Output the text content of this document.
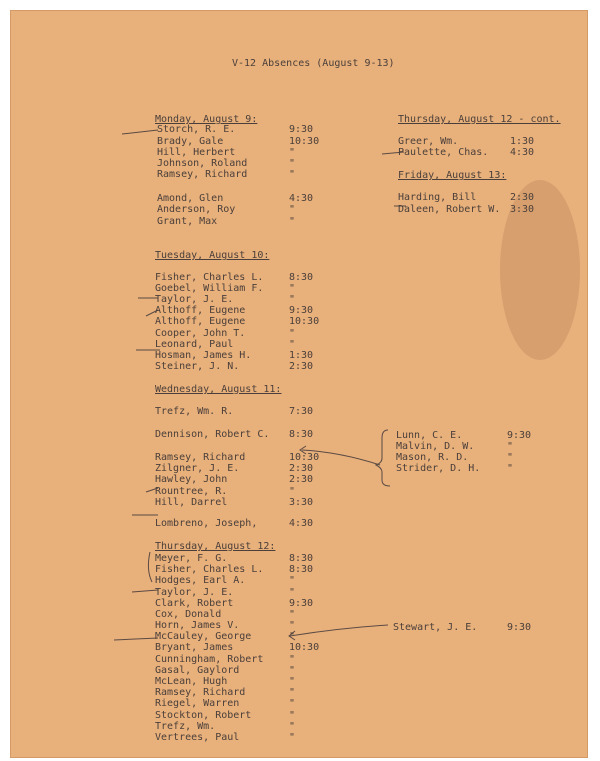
V-12 Absences (August 9-13)
Monday, August 9:
Storch, R. E.	9:30
Brady, Gale	10:30
Hill, Herbert	"
Johnson, Roland	"
Ramsey, Richard	"
Amond, Glen	4:30
Anderson, Roy	"
Grant, Max	"
Tuesday, August 10:
Fisher, Charles L.	8:30
Goebel, William F.	"
Taylor, J. E.	"
Althoff, Eugene	9:30
Althoff, Eugene	10:30
Cooper, John T.	"
Leonard, Paul	"
Hosman, James H.	1:30
Steiner, J. N.	2:30
Wednesday, August 11:
Trefz, Wm. R.	7:30
Dennison, Robert C. 8:30
Ramsey, Richard	10:30
Zilgner, J. E.	2:30
Hawley, John	2:30
Rountree, R.	"
Hill, Darrel	3:30
Lombreno, Joseph,	4:30
Thursday, August 12:
Meyer, F. G.	8:30
Fisher, Charles L.	8:30
Hodges, Earl A.	"
Taylor, J. E.	"
Clark, Robert	9:30
Cox, Donald	"
Horn, James V.	"
McCauley, George	"
Bryant, James	10:30
Cunningham, Robert	"
Gasal, Gaylord	"
McLean, Hugh	"
Ramsey, Richard	"
Riegel, Warren	"
Stockton, Robert	"
Trefz, Wm.	"
Vertrees, Paul	"
Thursday, August 12 - cont.
Greer, Wm.	1:30
Paulette, Chas. 4:30
Friday, August 13:
Harding, Bill	2:30
Daleen, Robert W. 3:30
Lunn, C. E.	9:30
Malvin, D. W.	"
Mason, R. D.	"
Strider, D. H.	"
Stewart, J. E.	9:30
